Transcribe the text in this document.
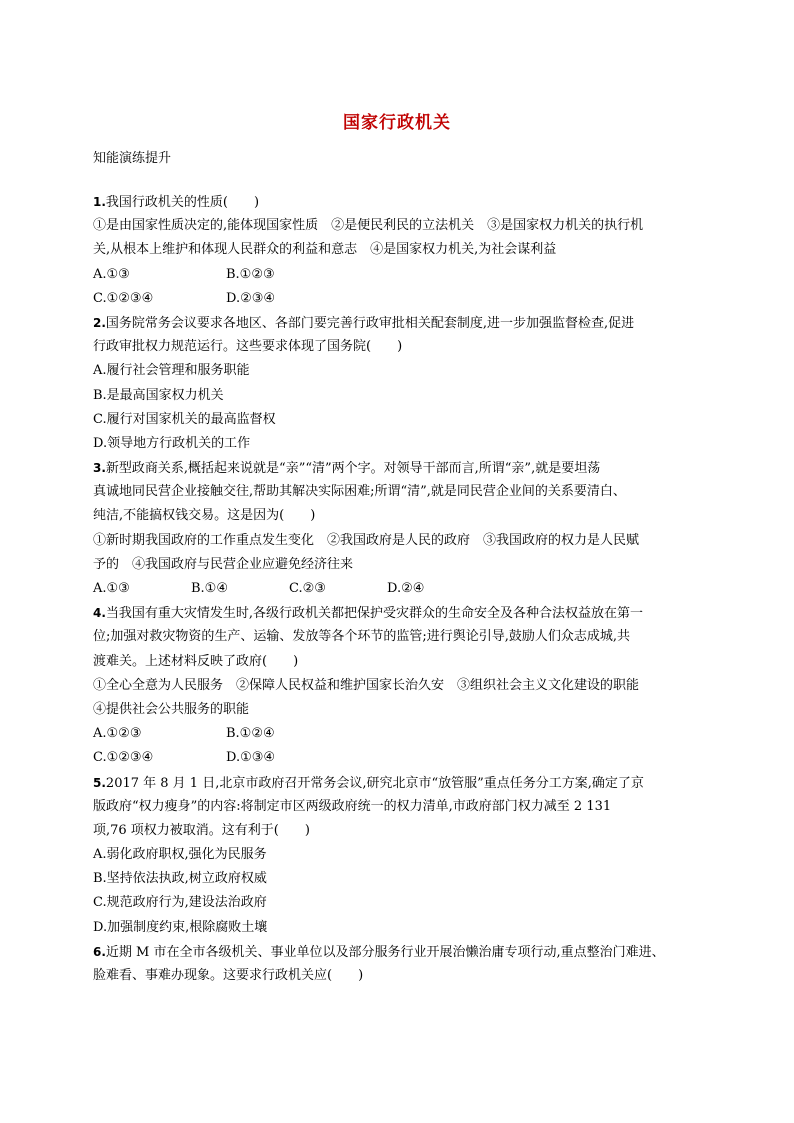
国家行政机关
知能演练提升
1.我国行政机关的性质(　　)
①是由国家性质决定的,能体现国家性质　②是便民利民的立法机关　③是国家权力机关的执行机
关,从根本上维护和体现人民群众的利益和意志　④是国家权力机关,为社会谋利益
A.①③	B.①②③
C.①②③④	D.②③④
2.国务院常务会议要求各地区、各部门要完善行政审批相关配套制度,进一步加强监督检查,促进
行政审批权力规范运行。这些要求体现了国务院(　　)
A.履行社会管理和服务职能
B.是最高国家权力机关
C.履行对国家机关的最高监督权
D.领导地方行政机关的工作
3.新型政商关系,概括起来说就是“亲”“清”两个字。对领导干部而言,所谓“亲”,就是要坦荡
真诚地同民营企业接触交往,帮助其解决实际困难;所谓“清”,就是同民营企业间的关系要清白、
纯洁,不能搞权钱交易。这是因为(　　)
①新时期我国政府的工作重点发生变化　②我国政府是人民的政府　③我国政府的权力是人民赋
予的　④我国政府与民营企业应避免经济往来
A.①③	B.①④	C.②③	D.②④
4.当我国有重大灾情发生时,各级行政机关都把保护受灾群众的生命安全及各种合法权益放在第一
位;加强对救灾物资的生产、运输、发放等各个环节的监管;进行舆论引导,鼓励人们众志成城,共
渡难关。上述材料反映了政府(　　)
①全心全意为人民服务　②保障人民权益和维护国家长治久安　③组织社会主义文化建设的职能
④提供社会公共服务的职能
A.①②③	B.①②④
C.①②③④	D.①③④
5.2017 年 8 月 1 日,北京市政府召开常务会议,研究北京市“放管服”重点任务分工方案,确定了京
版政府“权力瘦身”的内容:将制定市区两级政府统一的权力清单,市政府部门权力减至 2 131
项,76 项权力被取消。这有利于(　　)
A.弱化政府职权,强化为民服务
B.坚持依法执政,树立政府权威
C.规范政府行为,建设法治政府
D.加强制度约束,根除腐败土壤
6.近期 M 市在全市各级机关、事业单位以及部分服务行业开展治懒治庸专项行动,重点整治门难进、
脸难看、事难办现象。这要求行政机关应(　　)
